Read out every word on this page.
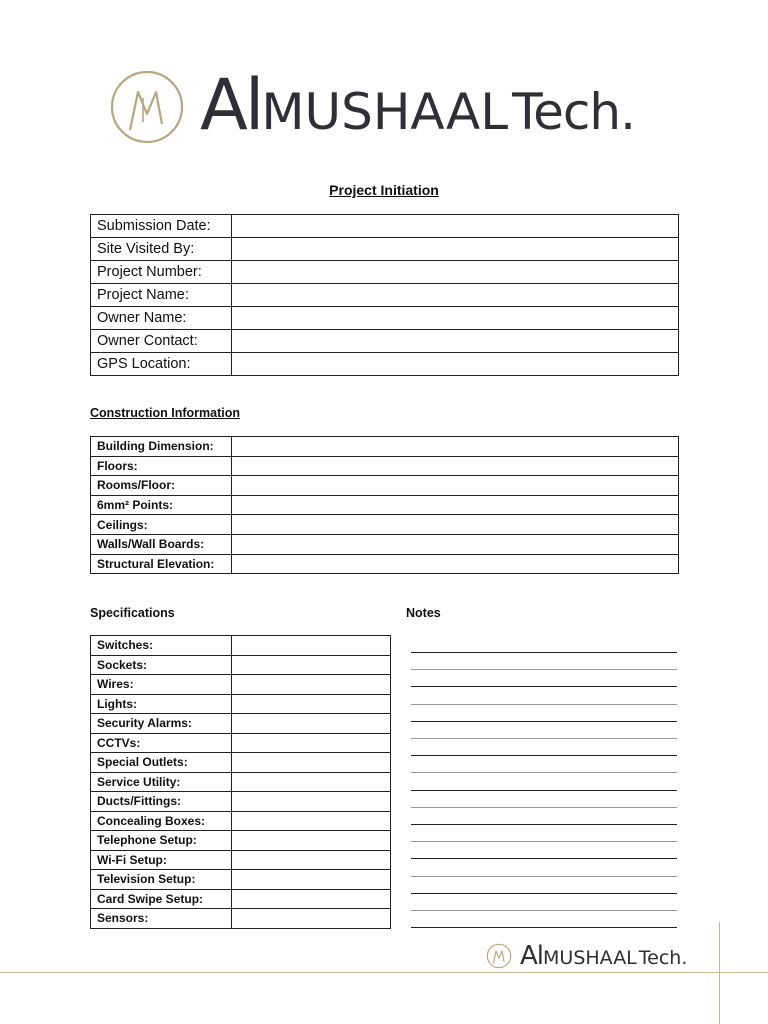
AlMUSHAALTech.
Project Initiation
Submission Date:	
Site Visited By:	
Project Number:	
Project Name:	
Owner Name:	
Owner Contact:	
GPS Location:	
Construction Information
Building Dimension:	
Floors:	
Rooms/Floor:	
6mm² Points:	
Ceilings:	
Walls/Wall Boards:	
Structural Elevation:	
Specifications
Switches:	
Sockets:	
Wires:	
Lights:	
Security Alarms:	
CCTVs:	
Special Outlets:	
Service Utility:	
Ducts/Fittings:	
Concealing Boxes:	
Telephone Setup:	
Wi-Fi Setup:	
Television Setup:	
Card Swipe Setup:	
Sensors:	
Notes
AlMUSHAAL Tech.
